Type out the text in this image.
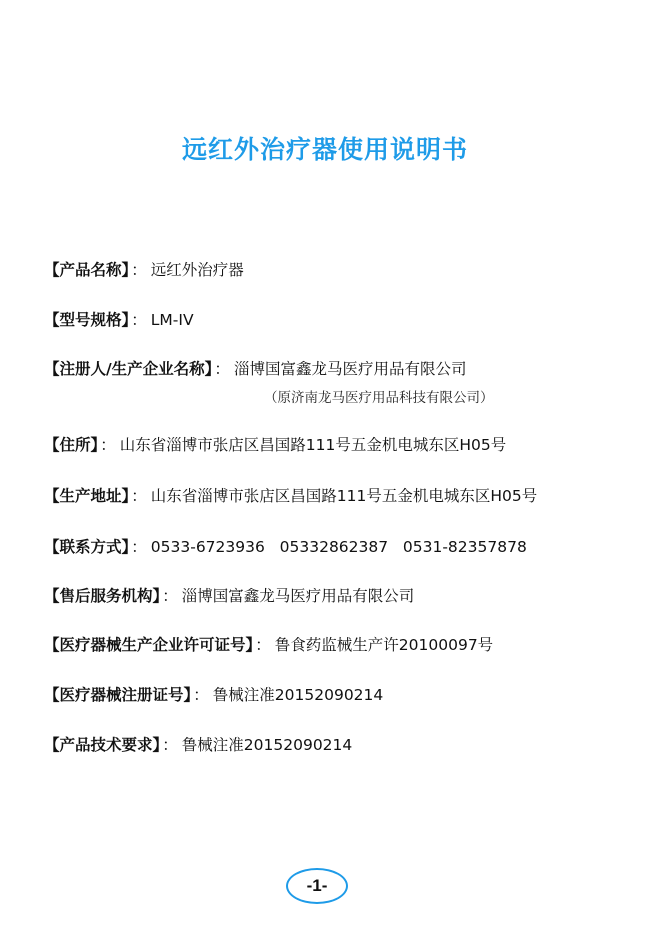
远红外治疗器使用说明书
【产品名称】 ： 远红外治疗器
【型号规格】 ： LM-IV
【注册人/生产企业名称】 ： 淄博国富鑫龙马医疗用品有限公司
（原济南龙马医疗用品科技有限公司）
【住所】 ： 山东省淄博市张店区昌国路111号五金机电城东区H05号
【生产地址】 ： 山东省淄博市张店区昌国路111号五金机电城东区H05号
【联系方式】 ： 0533-6723936   05332862387   0531-82357878
【售后服务机构】 ： 淄博国富鑫龙马医疗用品有限公司
【医疗器械生产企业许可证号】 ： 鲁食药监械生产许20100097号
【医疗器械注册证号】 ： 鲁械注准20152090214
【产品技术要求】 ： 鲁械注准20152090214
-1-
